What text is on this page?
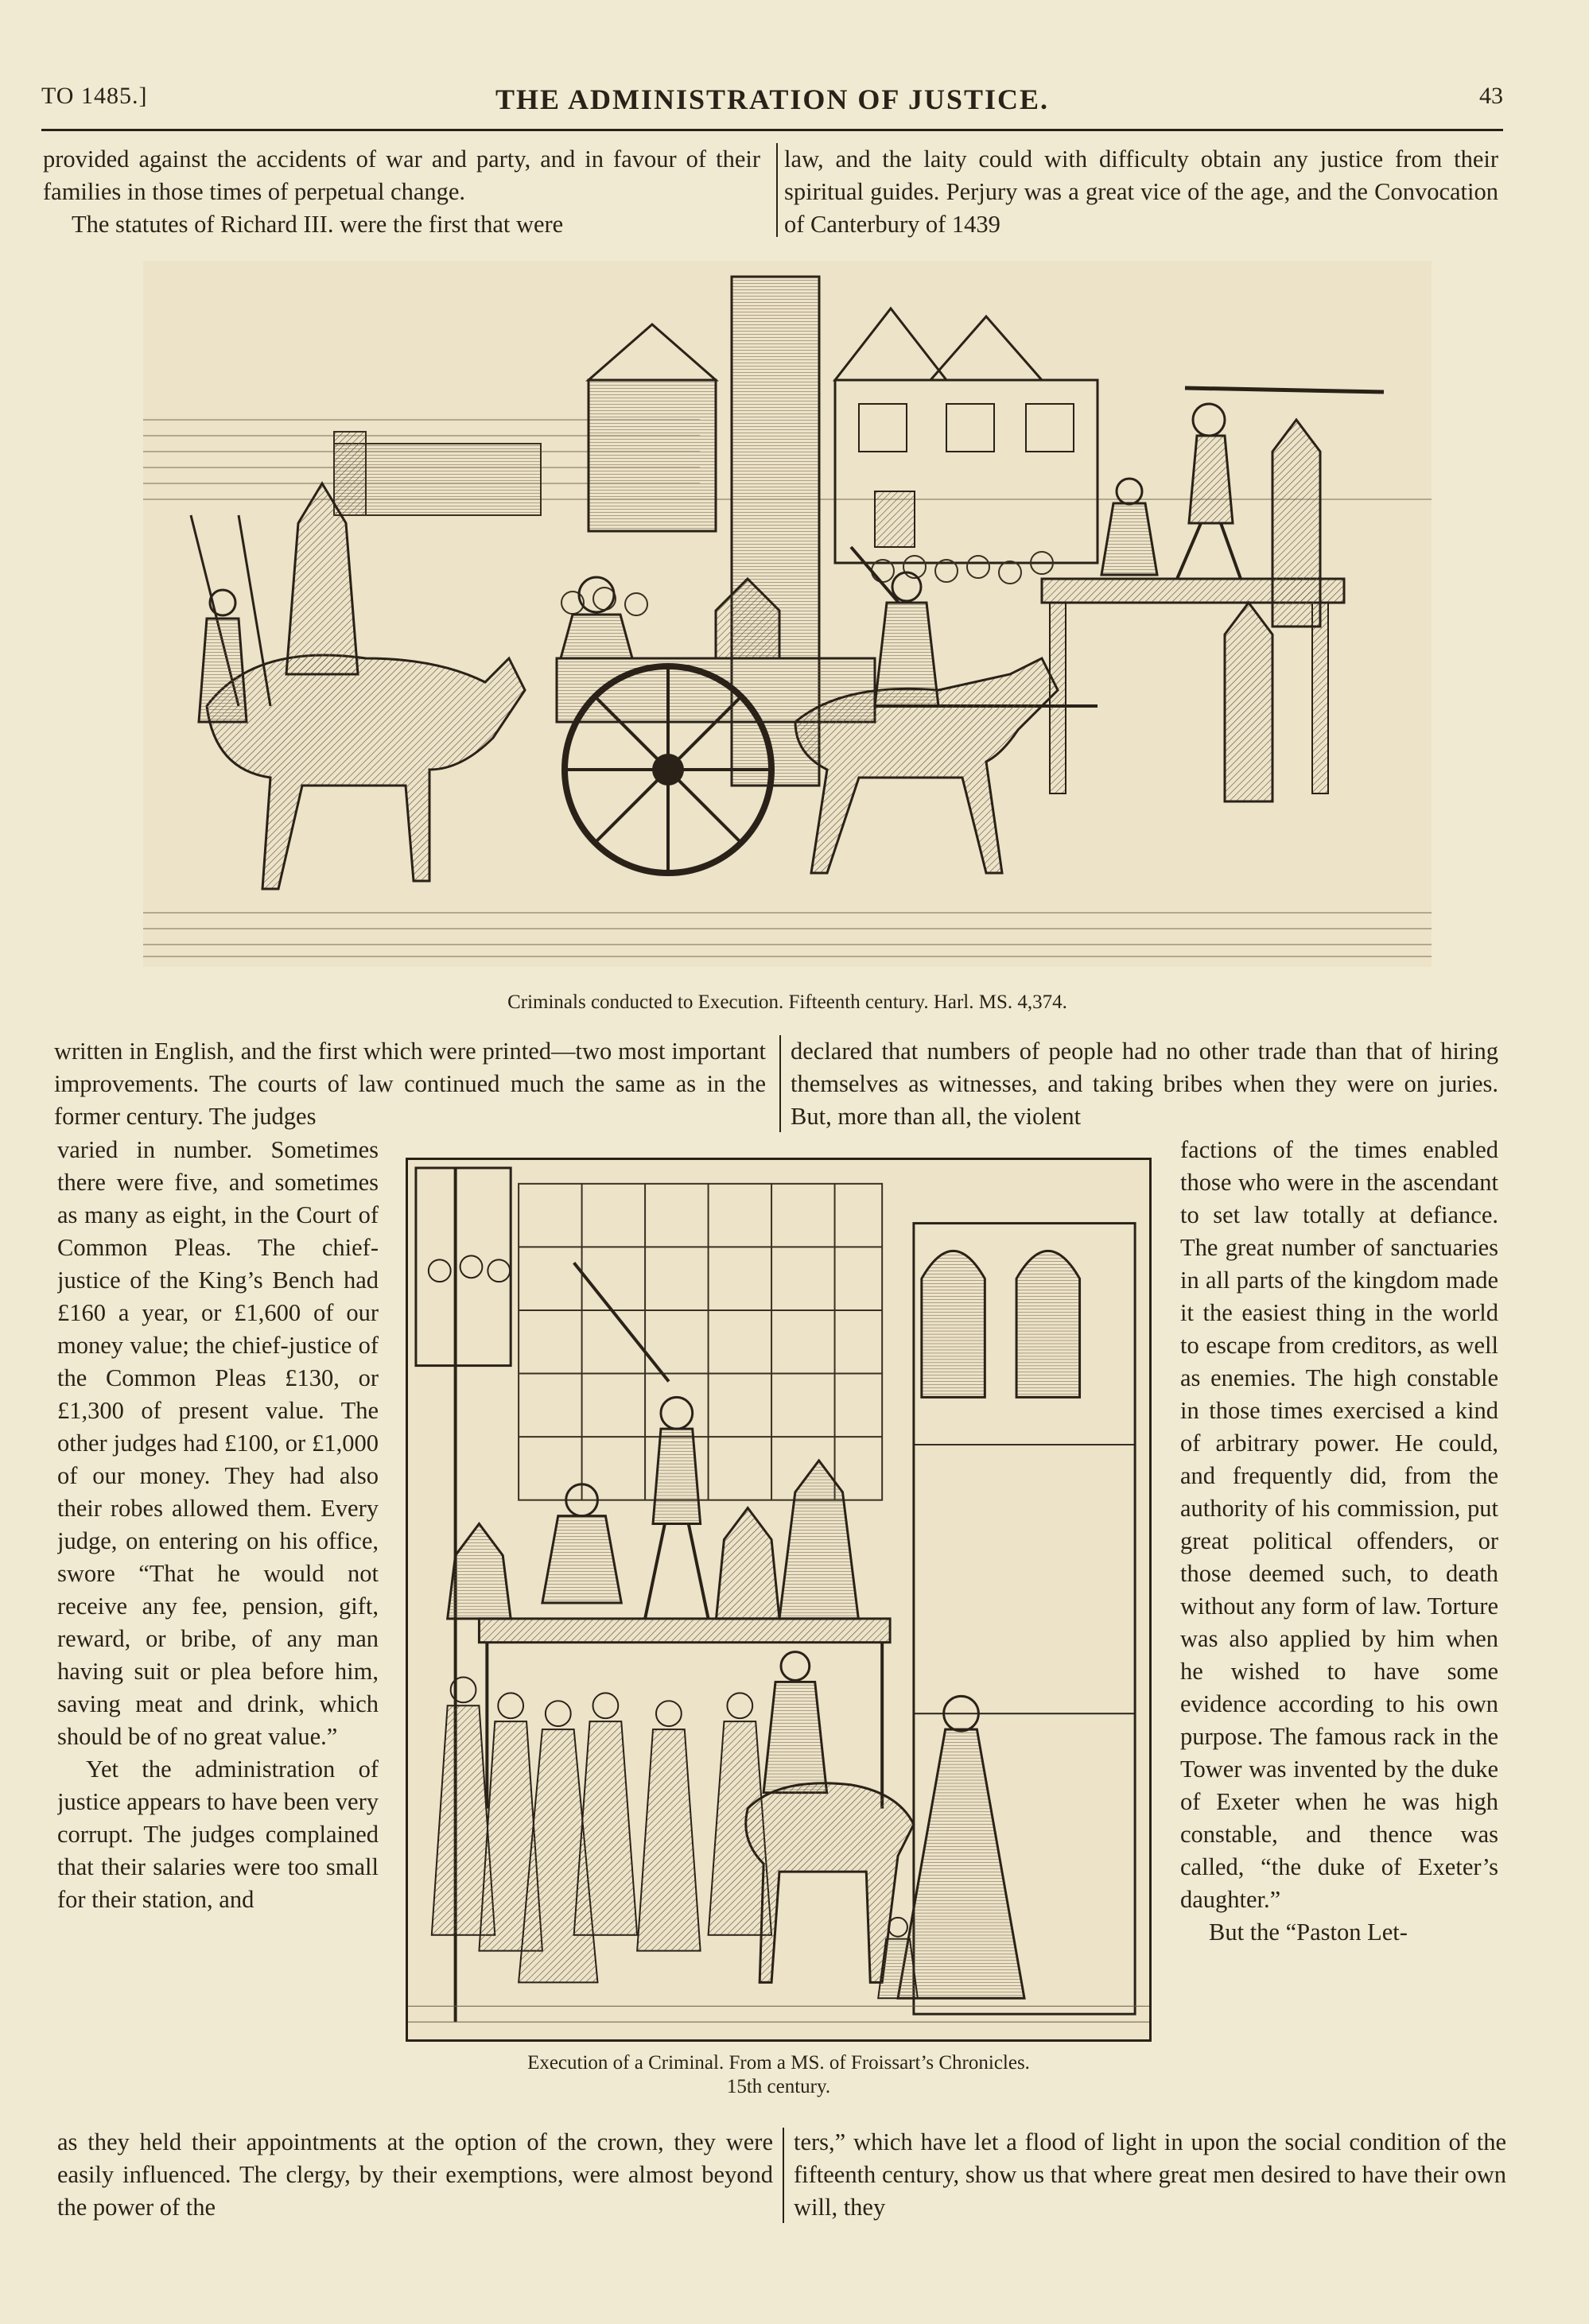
TO 1485.]	THE ADMINISTRATION OF JUSTICE.	43

provided against the accidents of war and party, and in favour of their families in those times of perpetual change.

The statutes of Richard III. were the first that were

law, and the laity could with difficulty obtain any justice from their spiritual guides. Perjury was a great vice of the age, and the Convocation of Canterbury of 1439

Criminals conducted to Execution. Fifteenth century. Harl. MS. 4,374.

written in English, and the first which were printed—two most important improvements. The courts of law continued much the same as in the former century. The judges

declared that numbers of people had no other trade than that of hiring themselves as witnesses, and taking bribes when they were on juries. But, more than all, the violent

varied in number. Sometimes there were five, and sometimes as many as eight, in the Court of Common Pleas. The chief-justice of the King’s Bench had £160 a year, or £1,600 of our money value; the chief-justice of the Common Pleas £130, or £1,300 of present value. The other judges had £100, or £1,000 of our money. They had also their robes allowed them. Every judge, on entering on his office, swore “That he would not receive any fee, pension, gift, reward, or bribe, of any man having suit or plea before him, saving meat and drink, which should be of no great value.”

Yet the administration of justice appears to have been very corrupt. The judges complained that their salaries were too small for their station, and

Execution of a Criminal. From a MS. of Froissart’s Chronicles.
15th century.

factions of the times enabled those who were in the ascendant to set law totally at defiance. The great number of sanctuaries in all parts of the kingdom made it the easiest thing in the world to escape from creditors, as well as enemies. The high constable in those times exercised a kind of arbitrary power. He could, and frequently did, from the authority of his commission, put great political offenders, or those deemed such, to death without any form of law. Torture was also applied by him when he wished to have some evidence according to his own purpose. The famous rack in the Tower was invented by the duke of Exeter when he was high constable, and thence was called, “the duke of Exeter’s daughter.”

But the “Paston Let-

as they held their appointments at the option of the crown, they were easily influenced. The clergy, by their exemptions, were almost beyond the power of the

ters,” which have let a flood of light in upon the social condition of the fifteenth century, show us that where great men desired to have their own will, they
